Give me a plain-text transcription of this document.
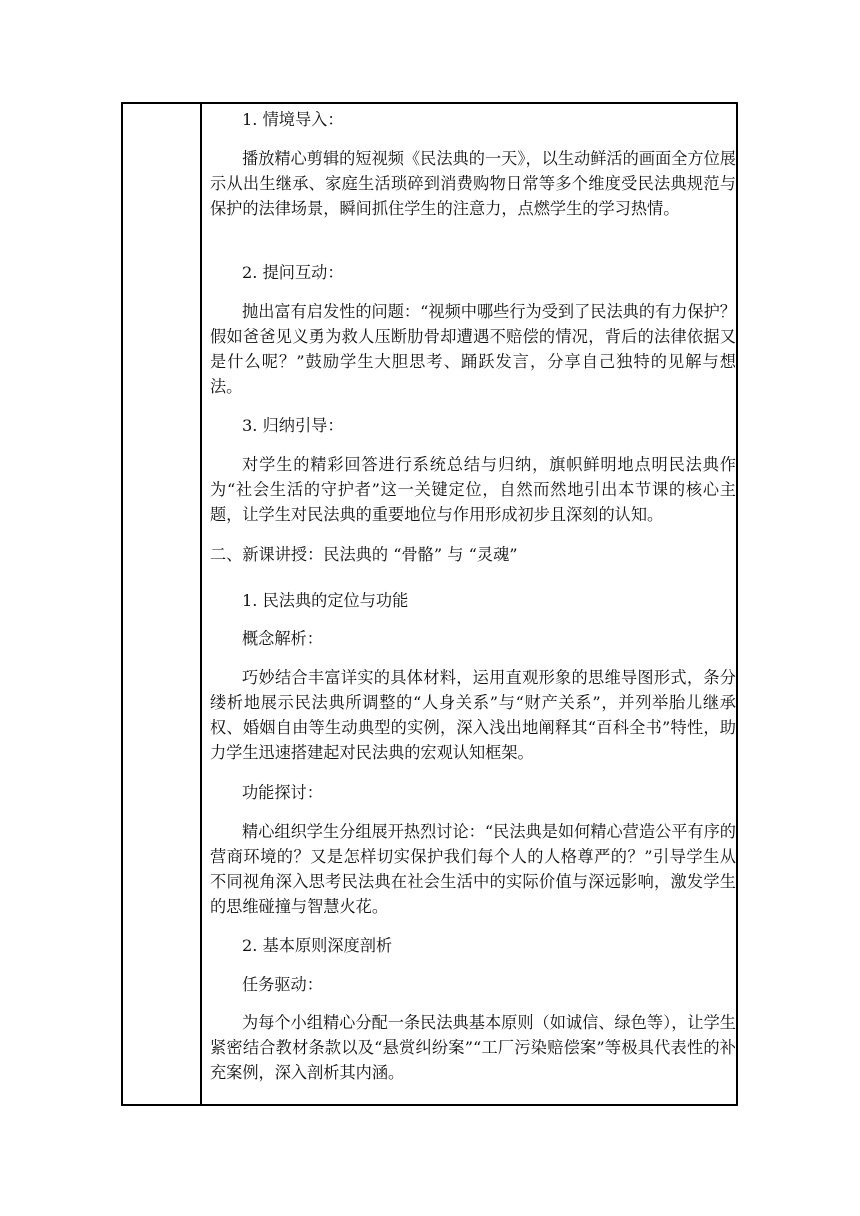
1. 情境导入：

播放精心剪辑的短视频《民法典的一天》，以生动鲜活的画面全方位展示从出生继承、家庭生活琐碎到消费购物日常等多个维度受民法典规范与保护的法律场景，瞬间抓住学生的注意力，点燃学生的学习热情。

2. 提问互动：

抛出富有启发性的问题：“视频中哪些行为受到了民法典的有力保护？假如爸爸见义勇为救人压断肋骨却遭遇不赔偿的情况，背后的法律依据又是什么呢？”鼓励学生大胆思考、踊跃发言，分享自己独特的见解与想法。

3. 归纳引导：

对学生的精彩回答进行系统总结与归纳，旗帜鲜明地点明民法典作为“社会生活的守护者”这一关键定位，自然而然地引出本节课的核心主题，让学生对民法典的重要地位与作用形成初步且深刻的认知。

二、新课讲授：民法典的 “骨骼” 与 “灵魂”

1. 民法典的定位与功能

概念解析：

巧妙结合丰富详实的具体材料，运用直观形象的思维导图形式，条分缕析地展示民法典所调整的“人身关系”与“财产关系”，并列举胎儿继承权、婚姻自由等生动典型的实例，深入浅出地阐释其“百科全书”特性，助力学生迅速搭建起对民法典的宏观认知框架。

功能探讨：

精心组织学生分组展开热烈讨论：“民法典是如何精心营造公平有序的营商环境的？又是怎样切实保护我们每个人的人格尊严的？”引导学生从不同视角深入思考民法典在社会生活中的实际价值与深远影响，激发学生的思维碰撞与智慧火花。

2. 基本原则深度剖析

任务驱动：

为每个小组精心分配一条民法典基本原则（如诚信、绿色等），让学生紧密结合教材条款以及“悬赏纠纷案”“工厂污染赔偿案”等极具代表性的补充案例，深入剖析其内涵。
